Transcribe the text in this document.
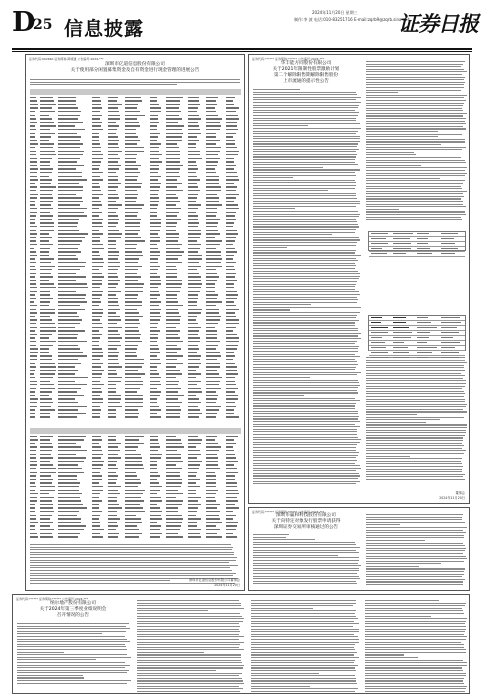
D
25 信息披露
2024年11月20日 星期三
制作:李 波 电话:010-83251716 E-mail:zqrb9@zqrb.sina.net
证券日报
证券代码:002640 证券简称:跨境通 公告编号:2024-***
深圳市亿道信息股份有限公司
关于使用部分闲置募集资金及自有资金进行现金管理的进展公告
深圳市亿道信息股份有限公司董事会
2024年11月20日
证券代码:****** 证券简称:****** 公告编号:2024-***
华丰能方同股份有限公司
关于2021年限制性股票激励计划
第二个解除限售期解除限售股份
上市流通的提示性公告
董事会
2024年11月20日
证券代码:****** 证券简称:****** 公告编号:2024-***
深圳市赢和科技股份有限公司
关于向特定对象发行股票申请获得
深圳证券交易所审核通过的公告
证券代码:****** 证券简称:****** 公告编号:2024-***
纳尔地产股份有限公司
关于2024年第三季度业绩说明会
召开情况的公告
